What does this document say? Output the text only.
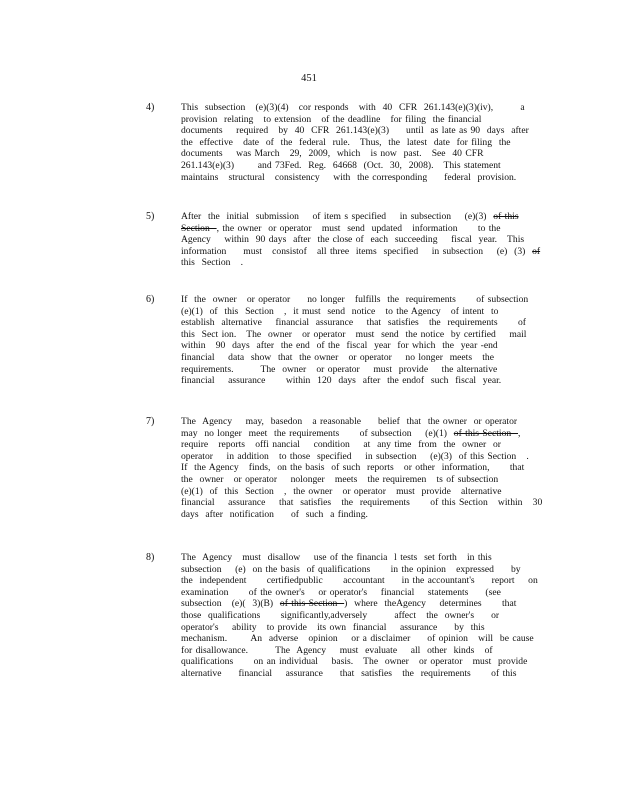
451
4)	This  subsection   (e)(3)(4)   cor responds   with  40  CFR  261.143(e)(3)(iv),        a
provision  relating   to extension   of the deadline   for filing  the financial
documents    required   by  40  CFR  261.143(e)(3)     until  as late as 90  days  after
the  effective   date  of  the  federal  rule.   Thus,  the  latest  date  for filing  the
documents    was March   29,  2009,  which   is now  past.   See  40 CFR
261.143(e)(3)       and 73Fed.  Reg.  64668  (Oct.  30,  2008).   This statement
maintains   structural   consistency    with  the corresponding     federal  provision.
5)	After  the  initial  submission    of item s specified    in subsection    (e)(3)  of this
Section  , the owner  or operator   must  send  updated   information      to the
Agency    within  90 days  after  the close of  each  succeeding    fiscal  year.   This
information     must   consistof   all three  items  specified    in subsection    (e)  (3)  of
this  Section   .
6)	If  the  owner   or operator     no longer   fulfills  the  requirements      of subsection
(e)(1)  of  this  Section   ,  it must  send  notice   to the Agency   of intent  to
establish  alternative    financial  assurance    that  satisfies   the  requirements      of
this  Sect ion.   The  owner   or operator   must  send  the notice  by certified    mail
within   90  days  after  the end  of the  fiscal  year  for which  the  year -end
financial    data  show  that  the owner   or operator    no longer  meets   the
requirements.        The  owner   or operator    must  provide    the alternative
financial    assurance      within  120  days  after  the endof  such  fiscal  year.
7)	The  Agency    may,  basedon   a reasonable     belief  that  the owner  or operator
may  no longer  meet  the requirements      of subsection    (e)(1)  of this Section  ,
require   reports   offi nancial    condition    at  any time  from  the  owner  or
operator    in addition   to those  specified    in subsection    (e)(3)  of this Section   .
If  the Agency   finds,  on the basis  of such  reports   or other  information,      that
the  owner   or operator    nolonger   meets   the requiremen   ts of subsection
(e)(1)  of  this  Section   ,  the owner   or operator   must  provide   alternative
financial    assurance    that  satisfies   the  requirements      of this Section   within   30
days  after  notification     of  such  a finding.
8)	The  Agency   must  disallow    use of the financia  l tests  set forth   in this
subsection    (e)  on the basis  of qualifications      in the opinion   expressed     by
the  independent      certifiedpublic      accountant     in the accountant's     report    on
examination      of the owner's    or operator's    financial    statements     (see
subsection   (e)(  3)(B)  of this Section  )  where  theAgency    determines      that
those  qualifications      significantly,adversely        affect   the  owner's     or
operator's    ability   to provide   its own  financial    assurance     by  this
mechanism.       An  adverse   opinion    or a disclaimer     of opinion   will  be cause
for disallowance.        The  Agency    must  evaluate    all  other  kinds   of
qualifications      on an individual    basis.   The  owner   or operator   must  provide
alternative     financial    assurance     that  satisfies   the  requirements      of this
